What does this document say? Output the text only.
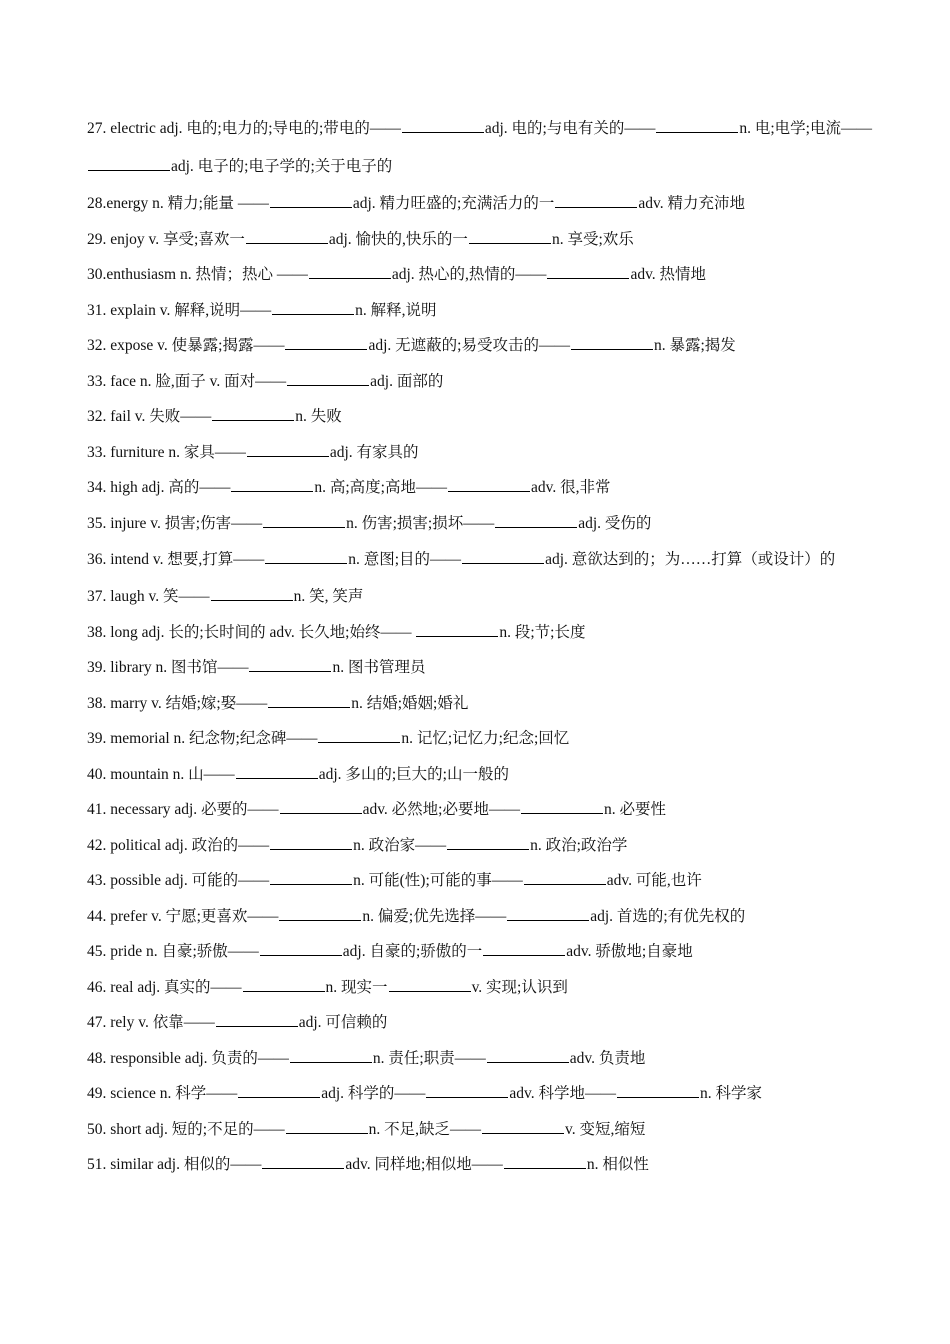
27. electric adj. 电的;电力的;导电的;带电的——	adj. 电的;与电有关的——	n. 电;电学;电流——adj. 电子的;电子学的;关于电子的
28.energy n. 精力;能量 ——	adj. 精力旺盛的;充满活力的一	adv. 精力充沛地
29. enjoy v. 享受;喜欢一	adj. 愉快的,快乐的一	n. 享受;欢乐
30.enthusiasm n. 热情；热心 ——	adj. 热心的,热情的——	adv. 热情地
31. explain v. 解释,说明——	n. 解释,说明
32. expose v. 使暴露;揭露——	adj. 无遮蔽的;易受攻击的——	n. 暴露;揭发
33. face n. 脸,面子 v. 面对——	adj. 面部的
32. fail v. 失败——	n. 失败
33. furniture n. 家具——	adj. 有家具的
34. high adj. 高的——	n. 高;高度;高地——	adv. 很,非常
35. injure v. 损害;伤害——	n. 伤害;损害;损坏——	adj. 受伤的
36. intend v. 想要,打算——	n. 意图;目的——	adj. 意欲达到的；为……打算（或设计）的
37. laugh v. 笑——	n. 笑, 笑声
38. long adj. 长的;长时间的 adv. 长久地;始终——	n. 段;节;长度
39. library n. 图书馆——	n. 图书管理员
38. marry v. 结婚;嫁;娶——	n. 结婚;婚姻;婚礼
39. memorial n. 纪念物;纪念碑——	n. 记忆;记忆力;纪念;回忆
40. mountain n. 山——	adj. 多山的;巨大的;山一般的
41. necessary adj. 必要的——	adv. 必然地;必要地——	n. 必要性
42. political adj. 政治的——	n. 政治家——	n. 政治;政治学
43. possible adj. 可能的——	n. 可能(性);可能的事——	adv. 可能,也许
44. prefer v. 宁愿;更喜欢——	n. 偏爱;优先选择——	adj. 首选的;有优先权的
45. pride n. 自豪;骄傲——	adj. 自豪的;骄傲的一	adv. 骄傲地;自豪地
46. real adj. 真实的——	n. 现实一	v. 实现;认识到
47. rely v. 依靠——	adj. 可信赖的
48. responsible adj. 负责的——	n. 责任;职责——	adv. 负责地
49. science n. 科学——	adj. 科学的——	adv. 科学地——	n. 科学家
50. short adj. 短的;不足的——	n. 不足,缺乏——	v. 变短,缩短
51. similar adj. 相似的——	adv. 同样地;相似地——	n. 相似性
